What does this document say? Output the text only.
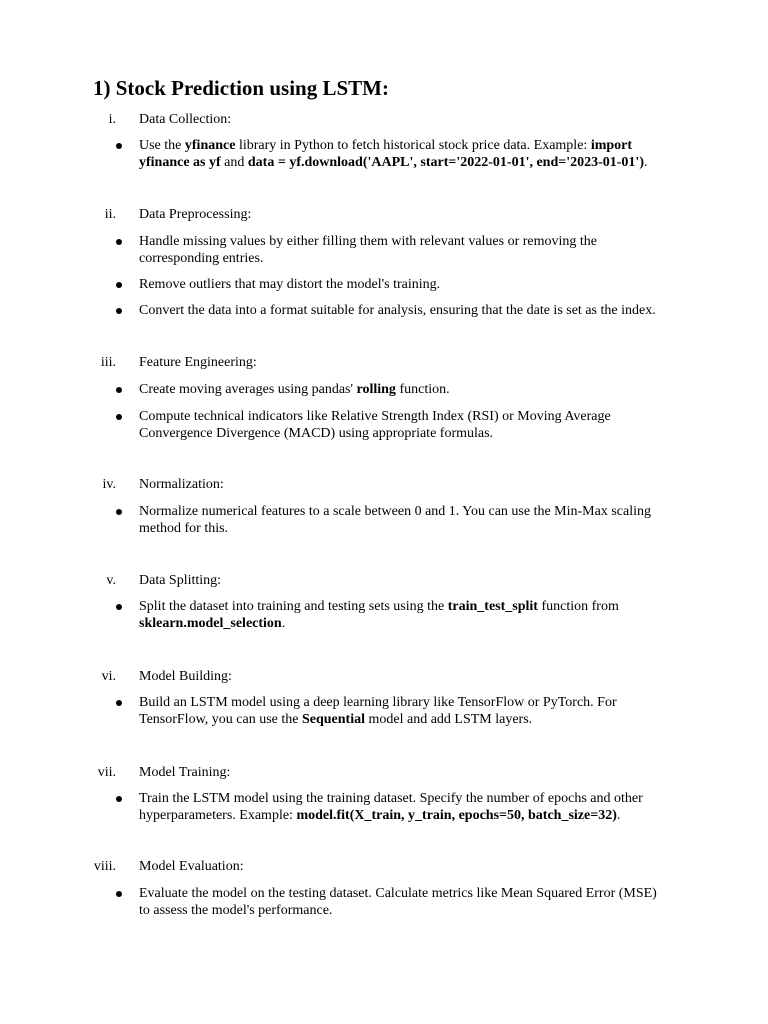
1) Stock Prediction using LSTM:
i. Data Collection:
Use the yfinance library in Python to fetch historical stock price data. Example: import yfinance as yf and data = yf.download('AAPL', start='2022-01-01', end='2023-01-01').
ii. Data Preprocessing:
Handle missing values by either filling them with relevant values or removing the corresponding entries.
Remove outliers that may distort the model's training.
Convert the data into a format suitable for analysis, ensuring that the date is set as the index.
iii. Feature Engineering:
Create moving averages using pandas' rolling function.
Compute technical indicators like Relative Strength Index (RSI) or Moving Average Convergence Divergence (MACD) using appropriate formulas.
iv. Normalization:
Normalize numerical features to a scale between 0 and 1. You can use the Min-Max scaling method for this.
v. Data Splitting:
Split the dataset into training and testing sets using the train_test_split function from sklearn.model_selection.
vi. Model Building:
Build an LSTM model using a deep learning library like TensorFlow or PyTorch. For TensorFlow, you can use the Sequential model and add LSTM layers.
vii. Model Training:
Train the LSTM model using the training dataset. Specify the number of epochs and other hyperparameters. Example: model.fit(X_train, y_train, epochs=50, batch_size=32).
viii. Model Evaluation:
Evaluate the model on the testing dataset. Calculate metrics like Mean Squared Error (MSE) to assess the model's performance.
